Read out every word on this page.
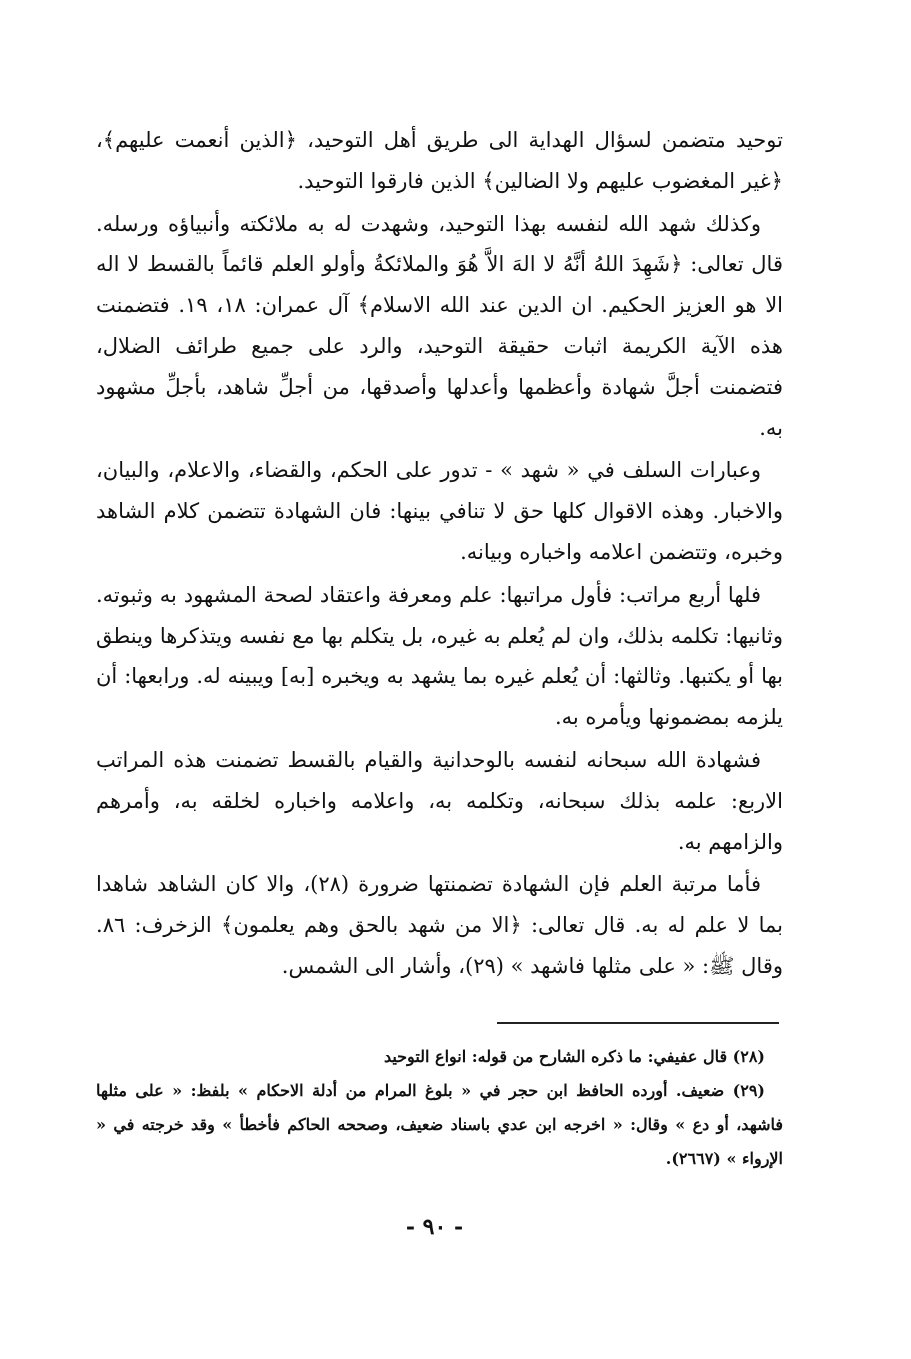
توحيد متضمن لسؤال الهداية الى طريق أهل التوحيد، ﴿الذين أنعمت عليهم﴾، ﴿غير المغضوب عليهم ولا الضالين﴾ الذين فارقوا التوحيد.

وكذلك شهد الله لنفسه بهذا التوحيد، وشهدت له به ملائكته وأنبياؤه ورسله. قال تعالى: ﴿شَهِدَ اللهُ أنَّهُ لا الهَ الاَّ هُوَ والملائكةُ وأولو العلم قائماً بالقسط لا اله الا هو العزيز الحكيم. ان الدين عند الله الاسلام﴾ آل عمران: ١٨، ١٩. فتضمنت هذه الآية الكريمة اثبات حقيقة التوحيد، والرد على جميع طرائف الضلال، فتضمنت أجلَّ شهادة وأعظمها وأعدلها وأصدقها، من أجلِّ شاهد، بأجلِّ مشهود به.

وعبارات السلف في « شهد » - تدور على الحكم، والقضاء، والاعلام، والبيان، والاخبار. وهذه الاقوال كلها حق لا تنافي بينها: فان الشهادة تتضمن كلام الشاهد وخبره، وتتضمن اعلامه واخباره وبيانه.

فلها أربع مراتب: فأول مراتبها: علم ومعرفة واعتقاد لصحة المشهود به وثبوته. وثانيها: تكلمه بذلك، وان لم يُعلم به غيره، بل يتكلم بها مع نفسه ويتذكرها وينطق بها أو يكتبها. وثالثها: أن يُعلم غيره بما يشهد به ويخبره [به] ويبينه له. ورابعها: أن يلزمه بمضمونها ويأمره به.

فشهادة الله سبحانه لنفسه بالوحدانية والقيام بالقسط تضمنت هذه المراتب الاربع: علمه بذلك سبحانه، وتكلمه به، واعلامه واخباره لخلقه به، وأمرهم والزامهم به.

فأما مرتبة العلم فإن الشهادة تضمنتها ضرورة (٢٨)، والا كان الشاهد شاهدا بما لا علم له به. قال تعالى: ﴿الا من شهد بالحق وهم يعلمون﴾ الزخرف: ٨٦. وقال ﷺ: « على مثلها فاشهد » (٢٩)، وأشار الى الشمس.

(٢٨) قال عفيفي: ما ذكره الشارح من قوله: انواع التوحيد

(٢٩) ضعيف. أورده الحافظ ابن حجر في « بلوغ المرام من أدلة الاحكام » بلفظ: « على مثلها فاشهد، أو دع » وقال: « اخرجه ابن عدي باسناد ضعيف، وصححه الحاكم فأخطأ » وقد خرجته في « الإرواء » (٢٦٦٧).

- ٩٠ -
